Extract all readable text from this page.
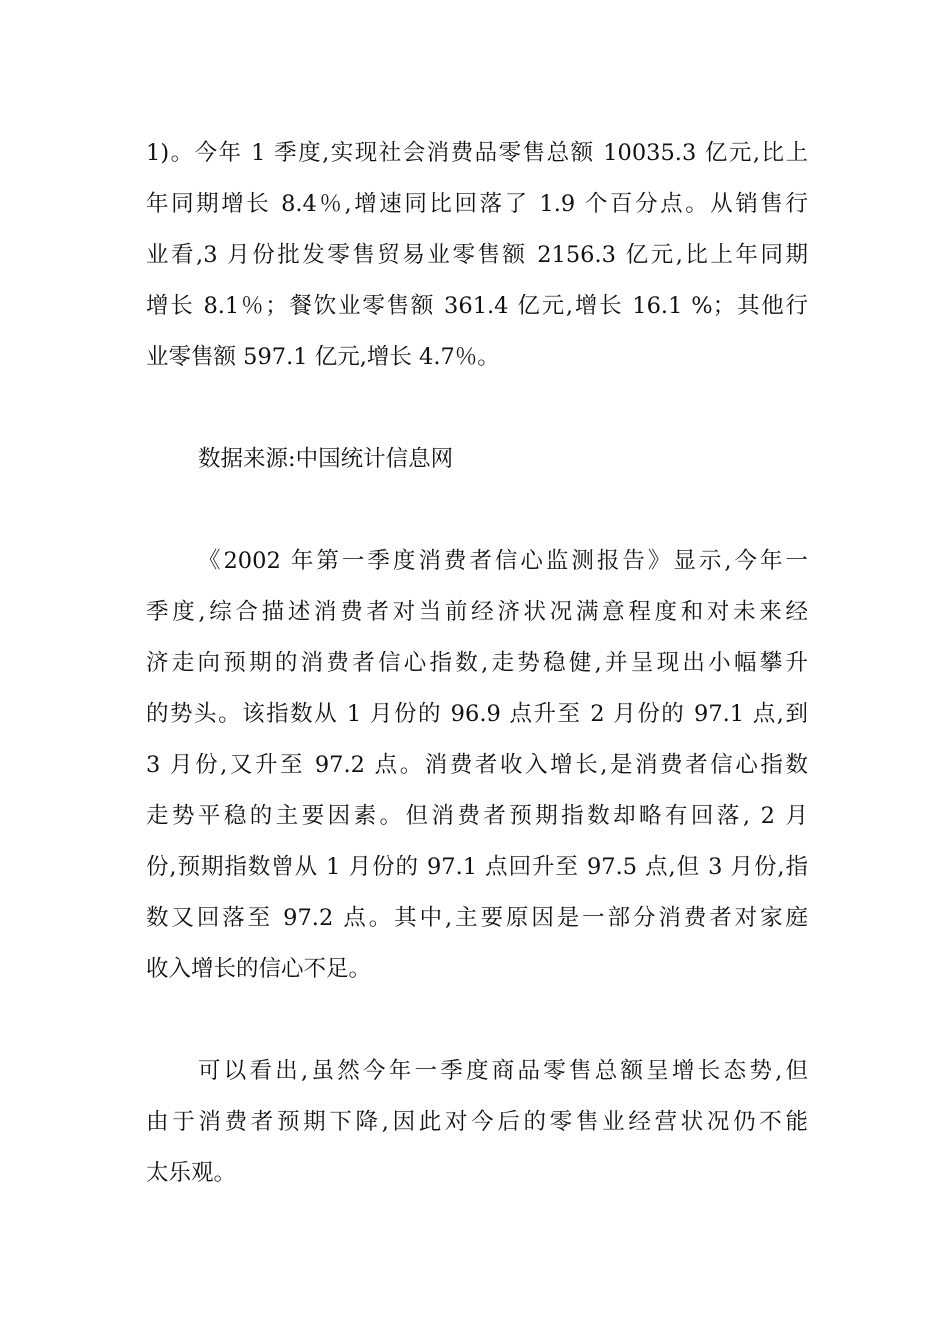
1)。今年 1 季度,实现社会消费品零售总额 10035.3 亿元,比上
年同期增长 8.4％,增速同比回落了 1.9 个百分点。从销售行
业看,3 月份批发零售贸易业零售额 2156.3 亿元,比上年同期
增长 8.1％；餐饮业零售额 361.4 亿元,增长 16.1 %；其他行
业零售额 597.1 亿元,增长 4.7％。
数据来源:中国统计信息网
《2002 年第一季度消费者信心监测报告》显示,今年一
季度,综合描述消费者对当前经济状况满意程度和对未来经
济走向预期的消费者信心指数,走势稳健,并呈现出小幅攀升
的势头。该指数从 1 月份的 96.9 点升至 2 月份的 97.1 点,到
3 月份,又升至 97.2 点。消费者收入增长,是消费者信心指数
走势平稳的主要因素。但消费者预期指数却略有回落, 2 月
份,预期指数曾从 1 月份的 97.1 点回升至 97.5 点,但 3 月份,指
数又回落至 97.2 点。其中,主要原因是一部分消费者对家庭
收入增长的信心不足。
可以看出,虽然今年一季度商品零售总额呈增长态势,但
由于消费者预期下降,因此对今后的零售业经营状况仍不能
太乐观。
